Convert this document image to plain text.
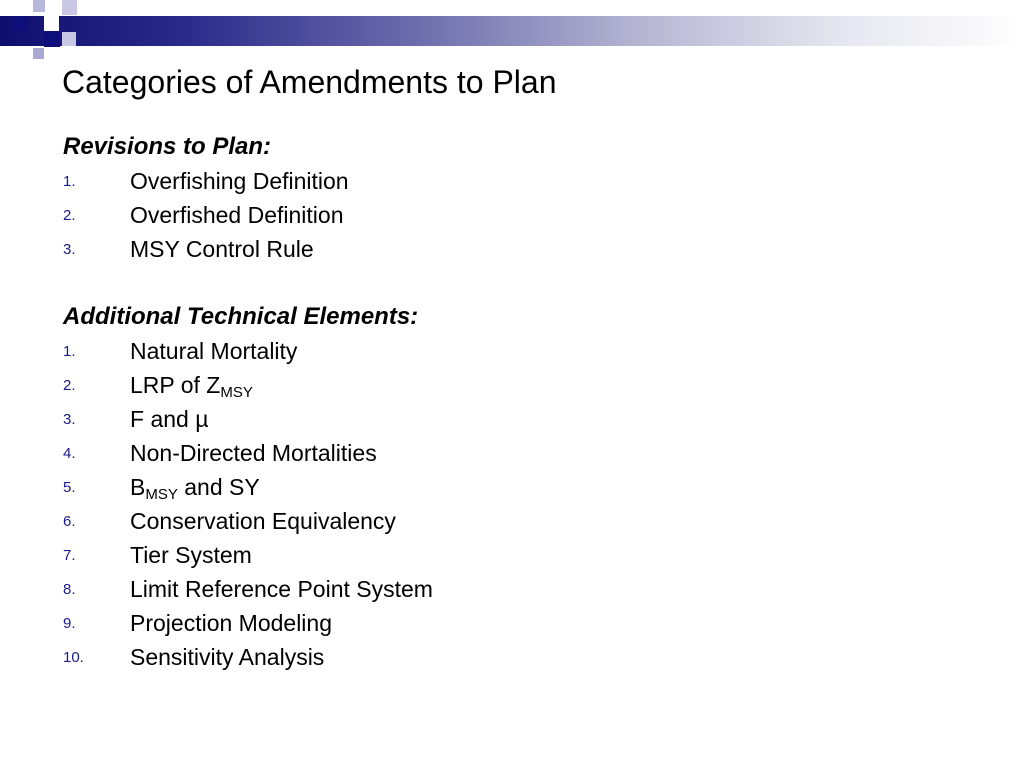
Categories of Amendments to Plan
Revisions to Plan:
1. Overfishing Definition
2. Overfished Definition
3. MSY Control Rule
Additional Technical Elements:
1. Natural Mortality
2. LRP of $Z_{MSY}$
3. F and µ
4. Non-Directed Mortalities
5. $B_{MSY}$ and SY
6. Conservation Equivalency
7. Tier System
8. Limit Reference Point System
9. Projection Modeling
10. Sensitivity Analysis
